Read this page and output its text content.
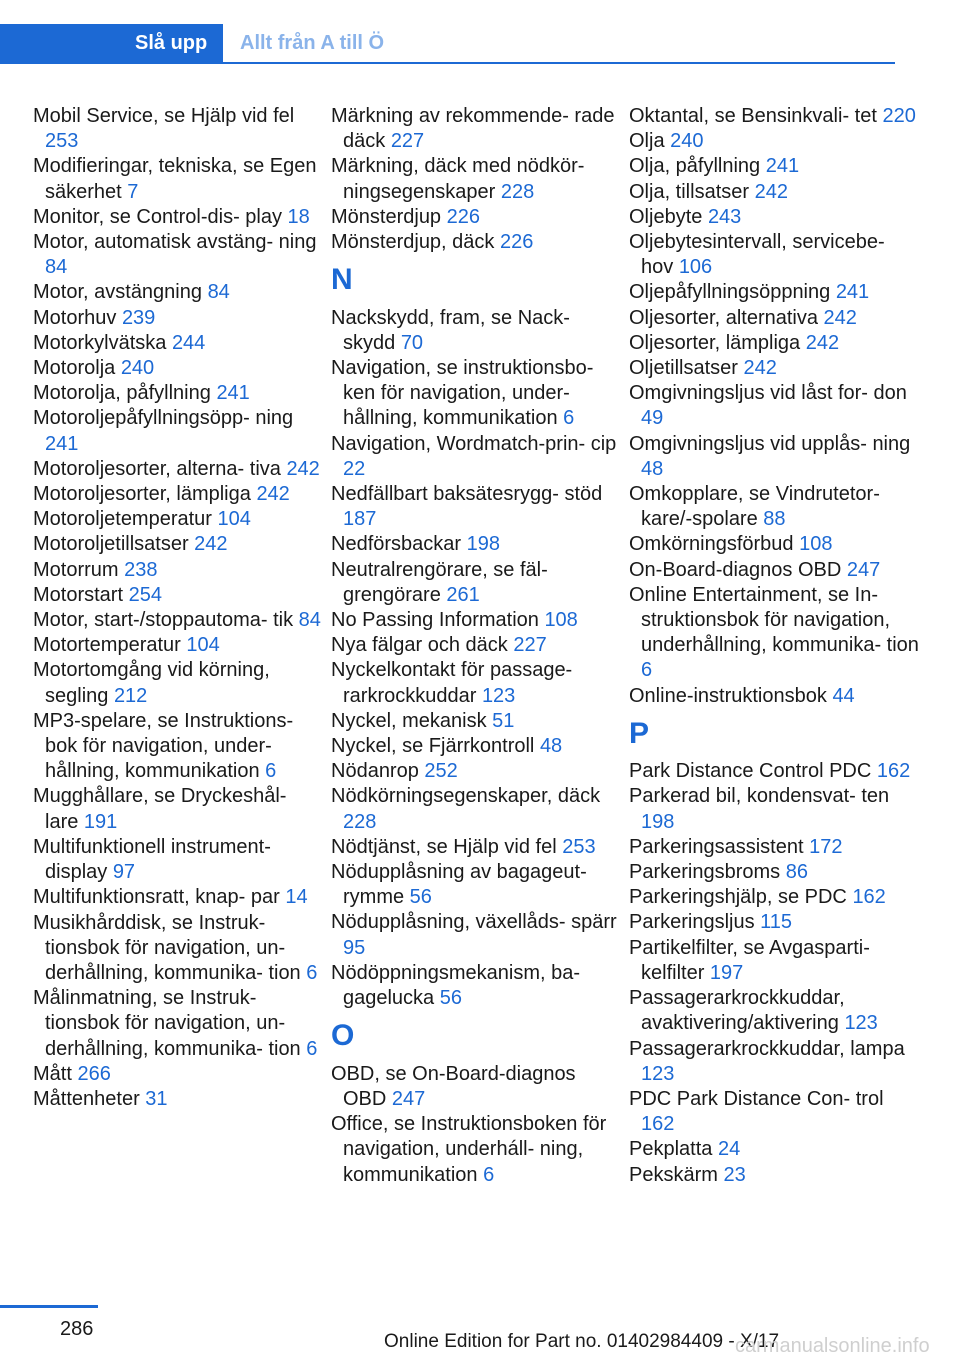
Slå upp Allt från A till Ö
Mobil Service, se Hjälp vid fel 253
Modifieringar, tekniska, se Egen säkerhet 7
Monitor, se Control-dis- play 18
Motor, automatisk avstäng- ning 84
Motor, avstängning 84
Motorhuv 239
Motorkylvätska 244
Motorolja 240
Motorolja, påfyllning 241
Motoroljepåfyllningsöpp- ning 241
Motoroljesorter, alterna- tiva 242
Motoroljesorter, lämpliga 242
Motoroljetemperatur 104
Motoroljetillsatser 242
Motorrum 238
Motorstart 254
Motor, start-/stoppautoma- tik 84
Motortemperatur 104
Motortomgång vid körning, segling 212
MP3-spelare, se Instruktions- bok för navigation, under- hållning, kommunikation 6
Mugghållare, se Dryckeshål- lare 191
Multifunktionell instrument- display 97
Multifunktionsratt, knap- par 14
Musikhårddisk, se Instruk- tionsbok för navigation, un- derhållning, kommunika- tion 6
Målinmatning, se Instruk- tionsbok för navigation, un- derhållning, kommunika- tion 6
Mått 266
Måttenheter 31
Märkning av rekommende- rade däck 227
Märkning, däck med nödkör- ningsegenskaper 228
Mönsterdjup 226
Mönsterdjup, däck 226
N
Nackskydd, fram, se Nack- skydd 70
Navigation, se instruktionsbo- ken för navigation, under- hållning, kommunikation 6
Navigation, Wordmatch-prin- cip 22
Nedfällbart baksätesrygg- stöd 187
Nedförsbackar 198
Neutralrengörare, se fäl- grengörare 261
No Passing Information 108
Nya fälgar och däck 227
Nyckelkontakt för passage- rarkrockkuddar 123
Nyckel, mekanisk 51
Nyckel, se Fjärrkontroll 48
Nödanrop 252
Nödkörningsegenskaper, däck 228
Nödtjänst, se Hjälp vid fel 253
Nödupplåsning av bagageut- rymme 56
Nödupplåsning, växellåds- spärr 95
Nödöppningsmekanism, ba- gagelucka 56
O
OBD, se On-Board-diagnos OBD 247
Office, se Instruktionsboken för navigation, underháll- ning, kommunikation 6
Oktantal, se Bensinkvali- tet 220
Olja 240
Olja, påfyllning 241
Olja, tillsatser 242
Oljebyte 243
Oljebytesintervall, servicebe- hov 106
Oljepåfyllningsöppning 241
Oljesorter, alternativa 242
Oljesorter, lämpliga 242
Oljetillsatser 242
Omgivningsljus vid låst for- don 49
Omgivningsljus vid upplås- ning 48
Omkopplare, se Vindrutetor- kare/-spolare 88
Omkörningsförbud 108
On-Board-diagnos OBD 247
Online Entertainment, se In- struktionsbok för navigation, underhållning, kommunika- tion 6
Online-instruktionsbok 44
P
Park Distance Control PDC 162
Parkerad bil, kondensvat- ten 198
Parkeringsassistent 172
Parkeringsbroms 86
Parkeringshjälp, se PDC 162
Parkeringsljus 115
Partikelfilter, se Avgasparti- kelfilter 197
Passagerarkrockkuddar, avaktivering/aktivering 123
Passagerarkrockkuddar, lampa 123
PDC Park Distance Con- trol 162
Pekplatta 24
Pekskärm 23
286
Online Edition for Part no. 01402984409 - X/17
carmanualsonline.info
